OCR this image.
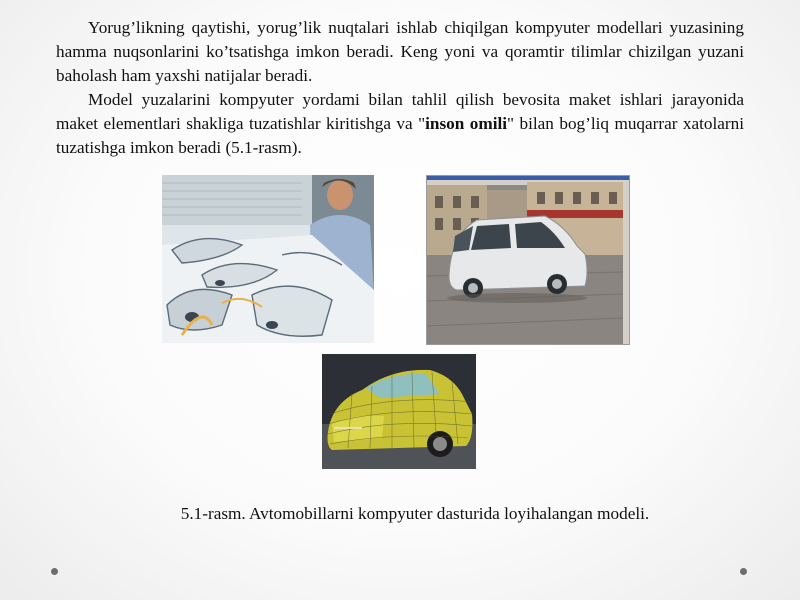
Yorug’likning qaytishi, yorug’lik nuqtalari ishlab chiqilgan kompyuter modellari yuzasining hamma nuqsonlarini ko’tsatishga imkon beradi. Keng yoni va qoramtir tilimlar chizilgan yuzani baholash ham yaxshi natijalar beradi.

Model yuzalarini kompyuter yordami bilan tahlil qilish bevosita maket ishlari jarayonida maket elementlari shakliga tuzatishlar kiritishga va "inson omili" bilan bog’liq muqarrar xatolarni tuzatishga imkon beradi (5.1-rasm).

5.1-rasm. Avtomobillarni kompyuter dasturida loyihalangan modeli.
